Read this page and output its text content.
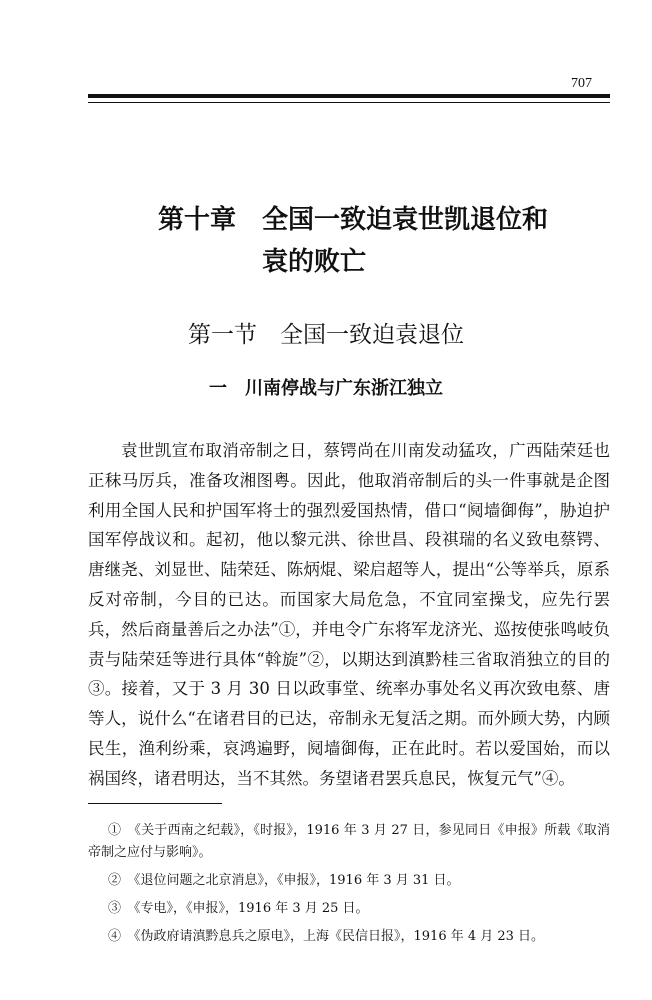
707
第十章　全国一致迫袁世凯退位和
袁的败亡
第一节　全国一致迫袁退位
一　川南停战与广东浙江独立

袁世凯宣布取消帝制之日，蔡锷尚在川南发动猛攻，广西陆荣廷也正秣马厉兵，准备攻湘图粤。因此，他取消帝制后的头一件事就是企图利用全国人民和护国军将士的强烈爱国热情，借口“阋墙御侮”，胁迫护国军停战议和。起初，他以黎元洪、徐世昌、段祺瑞的名义致电蔡锷、唐继尧、刘显世、陆荣廷、陈炳焜、梁启超等人，提出“公等举兵，原系反对帝制，今目的已达。而国家大局危急，不宜同室操戈，应先行罢兵，然后商量善后之办法”①，并电令广东将军龙济光、巡按使张鸣岐负责与陆荣廷等进行具体“斡旋”②，以期达到滇黔桂三省取消独立的目的③。接着，又于 3 月 30 日以政事堂、统率办事处名义再次致电蔡、唐等人，说什么“在诸君目的已达，帝制永无复活之期。而外顾大势，内顾民生，渔利纷乘，哀鸿遍野，阋墙御侮，正在此时。若以爱国始，而以祸国终，诸君明达，当不其然。务望诸君罢兵息民，恢复元气”④。

①　《关于西南之纪载》，《时报》，1916 年 3 月 27 日，参见同日《申报》所载《取消帝制之应付与影响》。
②　《退位问题之北京消息》，《申报》，1916 年 3 月 31 日。
③　《专电》，《申报》，1916 年 3 月 25 日。
④　《伪政府请滇黔息兵之原电》，上海《民信日报》，1916 年 4 月 23 日。
